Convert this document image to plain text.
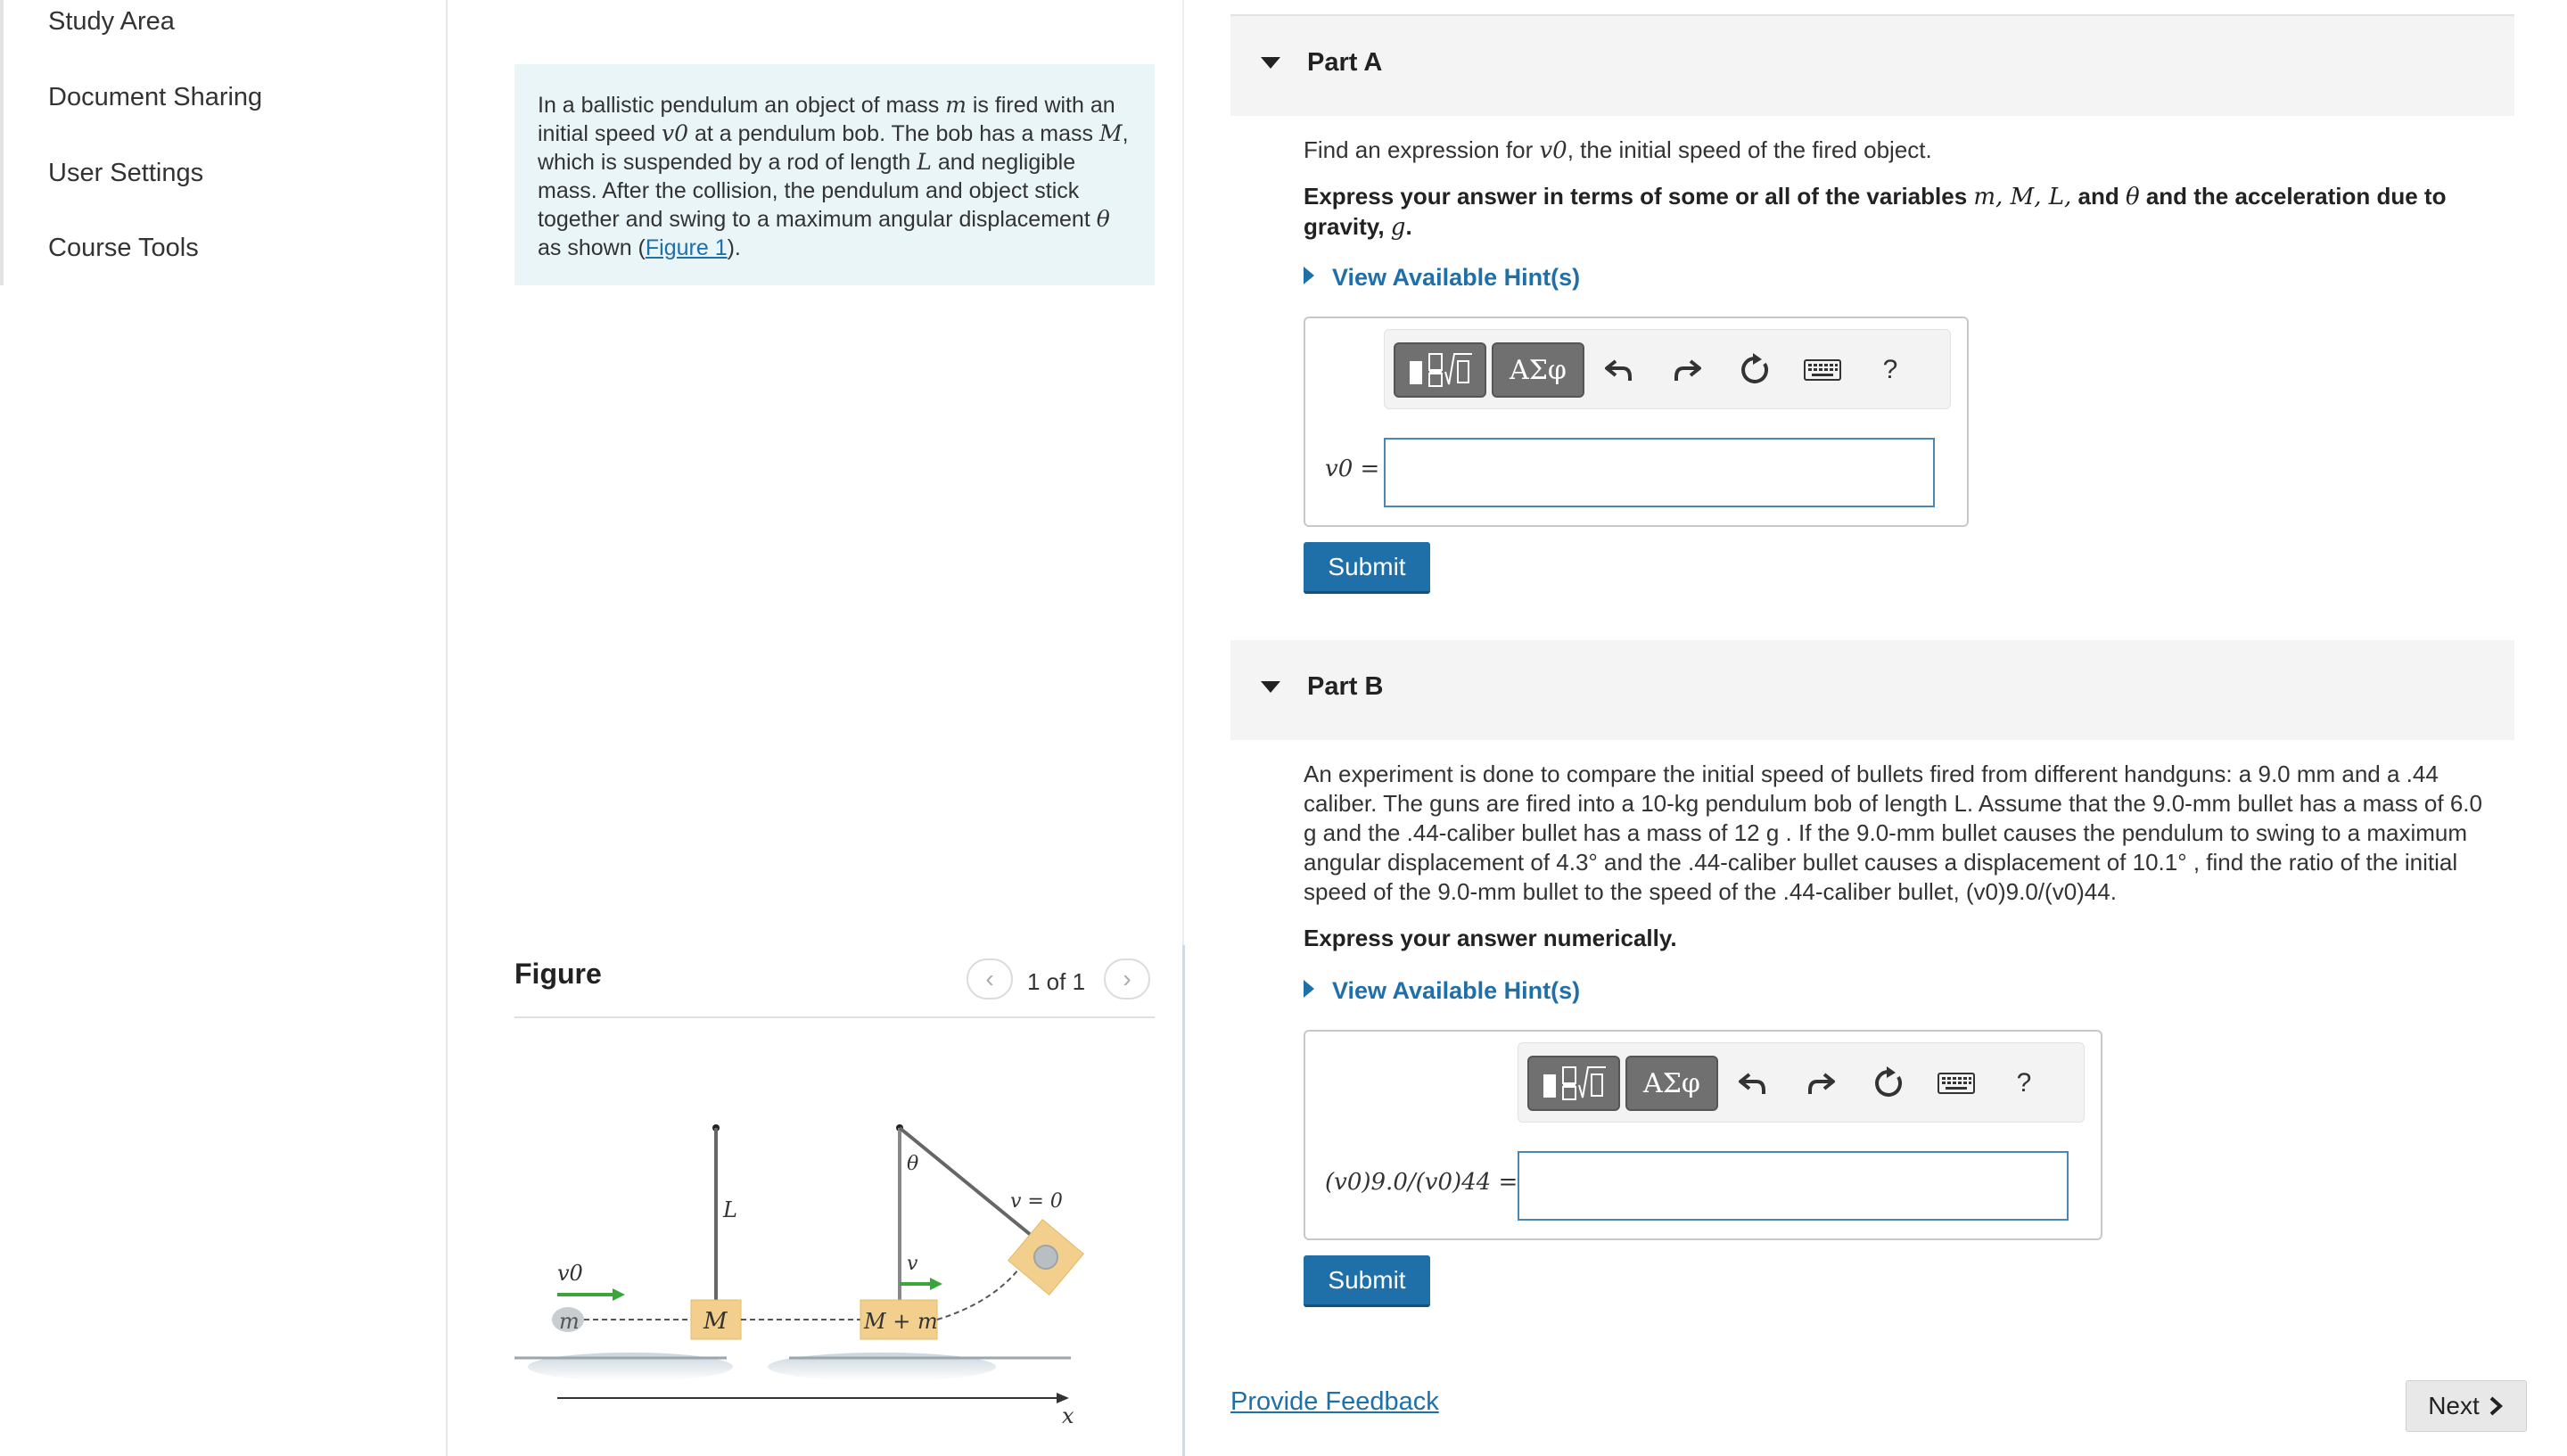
Study Area
Document Sharing
User Settings
Course Tools
In a ballistic pendulum an object of mass m is fired with an initial speed v0 at a pendulum bob. The bob has a mass M, which is suspended by a rod of length L and negligible mass. After the collision, the pendulum and object stick together and swing to a maximum angular displacement θ as shown (Figure 1).
Figure	‹ 1 of 1 ›
x
L
M
m
v0
θ
M + m
v
v = 0
Part A
Find an expression for v0, the initial speed of the fired object.
Express your answer in terms of some or all of the variables m, M, L, and θ and the acceleration due to gravity, g.
View Available Hint(s)
ΑΣφ	?
v0 =
Submit
Part B
An experiment is done to compare the initial speed of bullets fired from different handguns: a 9.0 mm and a .44 caliber. The guns are fired into a 10-kg pendulum bob of length L. Assume that the 9.0-mm bullet has a mass of 6.0 g and the .44-caliber bullet has a mass of 12 g . If the 9.0-mm bullet causes the pendulum to swing to a maximum angular displacement of 4.3° and the .44-caliber bullet causes a displacement of 10.1° , find the ratio of the initial speed of the 9.0-mm bullet to the speed of the .44-caliber bullet, (v0)9.0/(v0)44.
Express your answer numerically.
View Available Hint(s)
ΑΣφ	?
(v0)9.0/(v0)44 =
Submit
Provide Feedback	Next
